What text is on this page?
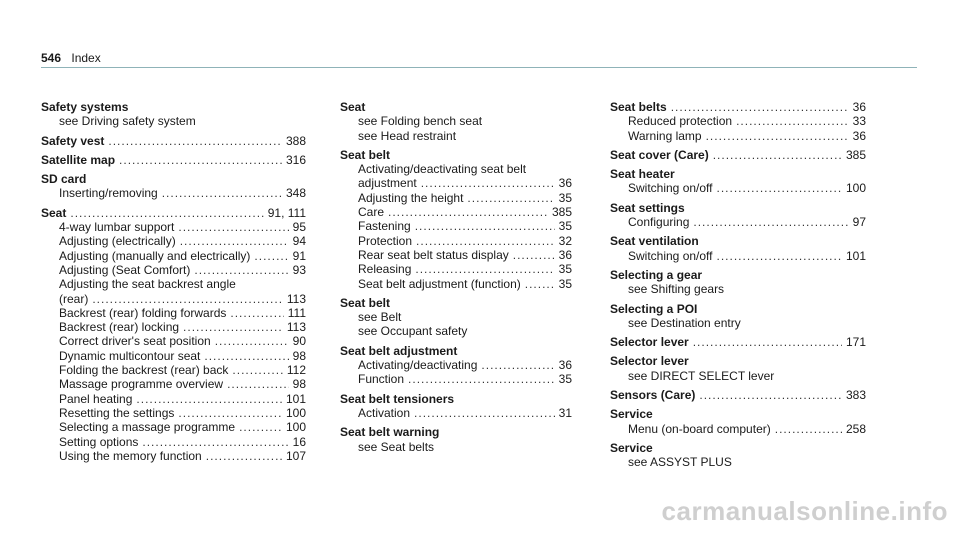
546 Index
Safety systems
see Driving safety system
Safety vest .....	388
Satellite map .....	316
SD card
Inserting/removing .....	348
Seat .....	91, 111
4-way lumbar support .....	95
Adjusting (electrically) .....	94
Adjusting (manually and electrically) .....	91
Adjusting (Seat Comfort) .....	93
Adjusting the seat backrest angle
(rear) .....	113
Backrest (rear) folding forwards .....	111
Backrest (rear) locking .....	113
Correct driver's seat position .....	90
Dynamic multicontour seat .....	98
Folding the backrest (rear) back .....	112
Massage programme overview .....	98
Panel heating .....	101
Resetting the settings .....	100
Selecting a massage programme .....	100
Setting options .....	16
Using the memory function .....	107
Seat
see Folding bench seat
see Head restraint
Seat belt
Activating/deactivating seat belt
adjustment .....	36
Adjusting the height .....	35
Care .....	385
Fastening .....	35
Protection .....	32
Rear seat belt status display .....	36
Releasing .....	35
Seat belt adjustment (function) .....	35
Seat belt
see Belt
see Occupant safety
Seat belt adjustment
Activating/deactivating .....	36
Function .....	35
Seat belt tensioners
Activation .....	31
Seat belt warning
see Seat belts
Seat belts .....	36
Reduced protection .....	33
Warning lamp .....	36
Seat cover (Care) .....	385
Seat heater
Switching on/off .....	100
Seat settings
Configuring .....	97
Seat ventilation
Switching on/off .....	101
Selecting a gear
see Shifting gears
Selecting a POI
see Destination entry
Selector lever .....	171
Selector lever
see DIRECT SELECT lever
Sensors (Care) .....	383
Service
Menu (on-board computer) .....	258
Service
see ASSYST PLUS
carmanualsonline.info
